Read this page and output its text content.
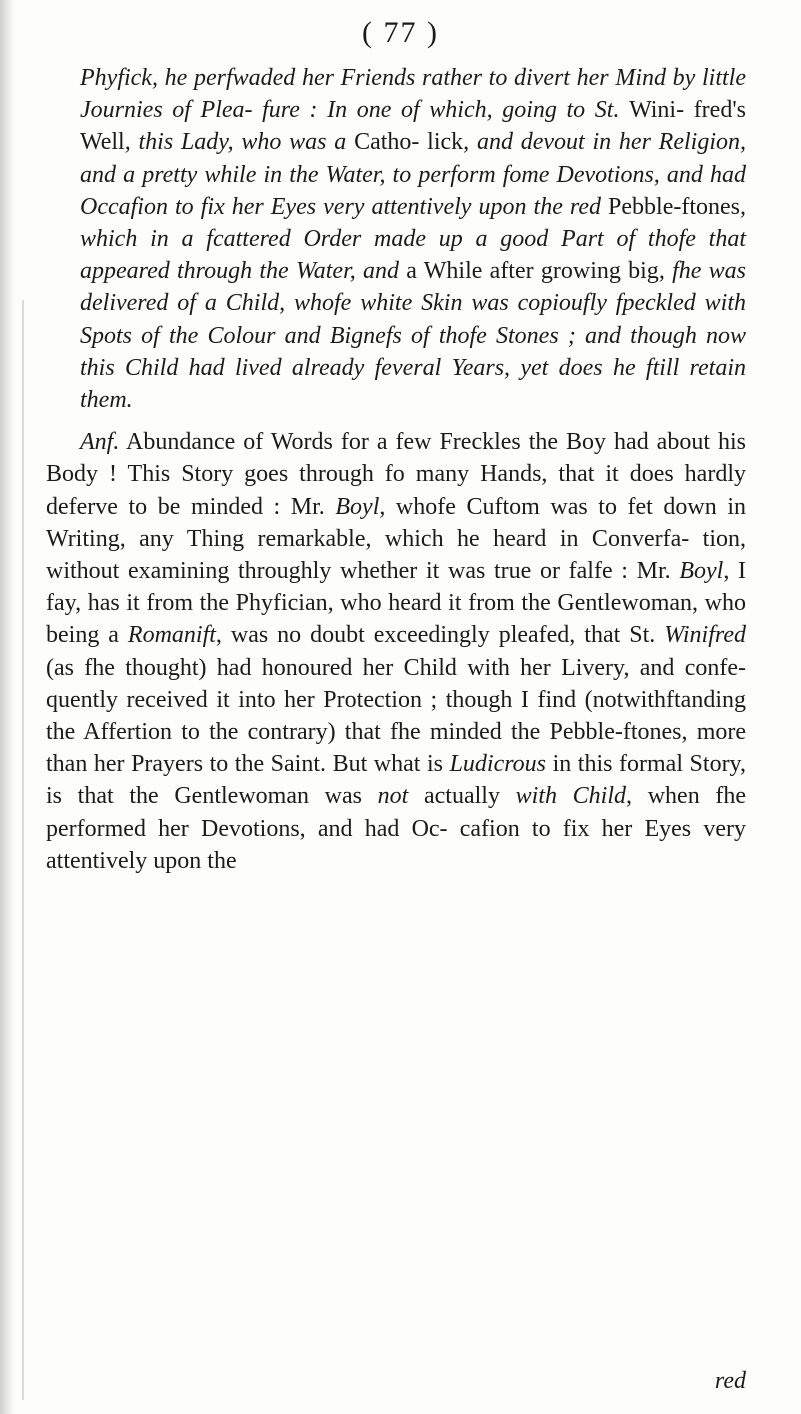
( 77 )

Phyfick, he perfwaded her Friends rather to divert her Mind by little Journies of Plea- fure : In one of which, going to St. Wini- fred's Well, this Lady, who was a Catho- lick, and devout in her Religion, and a pretty while in the Water, to perform fome Devotions, and had Occafion to fix her Eyes very attentively upon the red Pebble-ftones, which in a fcattered Order made up a good Part of thofe that appeared through the Water, and a While after growing big, fhe was delivered of a Child, whofe white Skin was copioufly fpeckled with Spots of the Colour and Bignefs of thofe Stones ; and though now this Child had lived already feveral Years, yet does he ftill retain them.

Anf. Abundance of Words for a few Freckles the Boy had about his Body ! This Story goes through fo many Hands, that it does hardly deferve to be minded : Mr. Boyl, whofe Cuftom was to fet down in Writing, any Thing remarkable, which he heard in Converfa- tion, without examining throughly whether it was true or falfe : Mr. Boyl, I fay, has it from the Phyfician, who heard it from the Gentlewoman, who being a Romanift, was no doubt exceedingly pleafed, that St. Winifred (as fhe thought) had honoured her Child with her Livery, and confe- quently received it into her Protection ; though I find (notwithftanding the Affertion to the contrary) that fhe minded the Pebble-ftones, more than her Prayers to the Saint. But what is Ludicrous in this formal Story, is that the Gentlewoman was not actually with Child, when fhe performed her Devotions, and had Oc- cafion to fix her Eyes very attentively upon the

red
